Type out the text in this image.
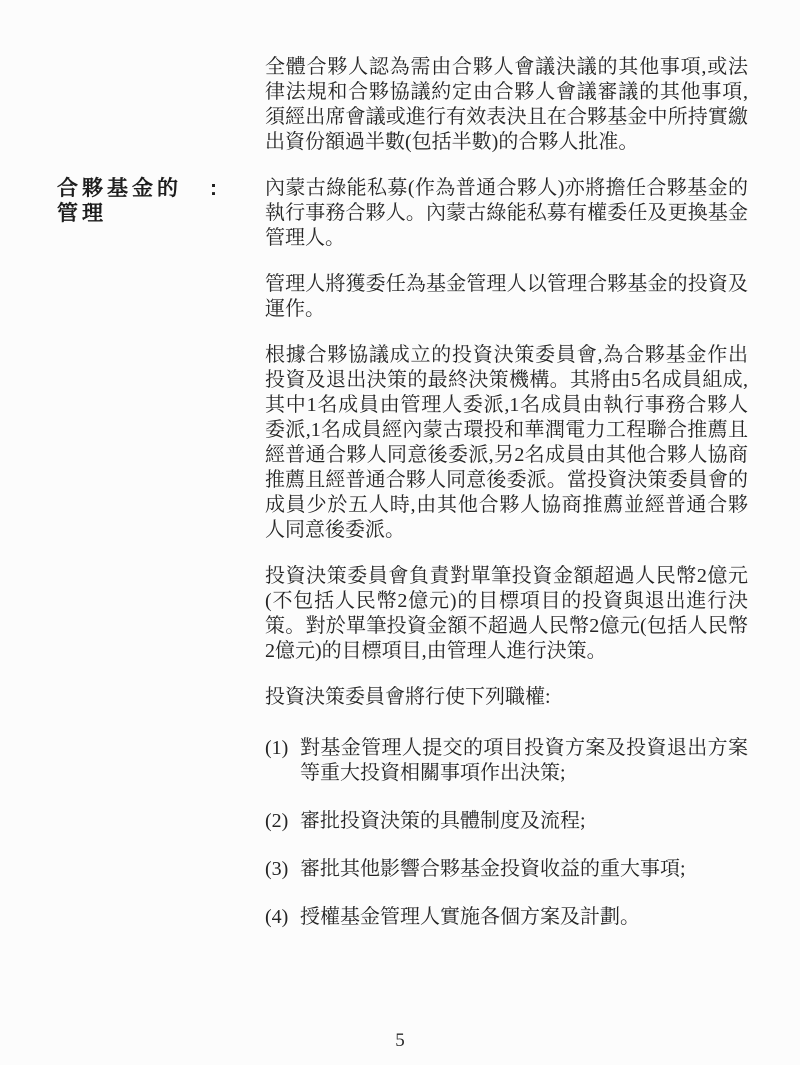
全體合夥人認為需由合夥人會議決議的其他事項,或法律法規和合夥協議約定由合夥人會議審議的其他事項,須經出席會議或進行有效表決且在合夥基金中所持實繳出資份額過半數(包括半數)的合夥人批准。

合夥基金的管理
:	內蒙古綠能私募(作為普通合夥人)亦將擔任合夥基金的執行事務合夥人。內蒙古綠能私募有權委任及更換基金管理人。

管理人將獲委任為基金管理人以管理合夥基金的投資及運作。

根據合夥協議成立的投資決策委員會,為合夥基金作出投資及退出決策的最終決策機構。其將由5名成員組成,其中1名成員由管理人委派,1名成員由執行事務合夥人委派,1名成員經內蒙古環投和華潤電力工程聯合推薦且經普通合夥人同意後委派,另2名成員由其他合夥人協商推薦且經普通合夥人同意後委派。當投資決策委員會的成員少於五人時,由其他合夥人協商推薦並經普通合夥人同意後委派。

投資決策委員會負責對單筆投資金額超過人民幣2億元(不包括人民幣2億元)的目標項目的投資與退出進行決策。對於單筆投資金額不超過人民幣2億元(包括人民幣2億元)的目標項目,由管理人進行決策。

投資決策委員會將行使下列職權:

(1) 對基金管理人提交的項目投資方案及投資退出方案等重大投資相關事項作出決策;
(2) 審批投資決策的具體制度及流程;
(3) 審批其他影響合夥基金投資收益的重大事項;
(4) 授權基金管理人實施各個方案及計劃。
5
